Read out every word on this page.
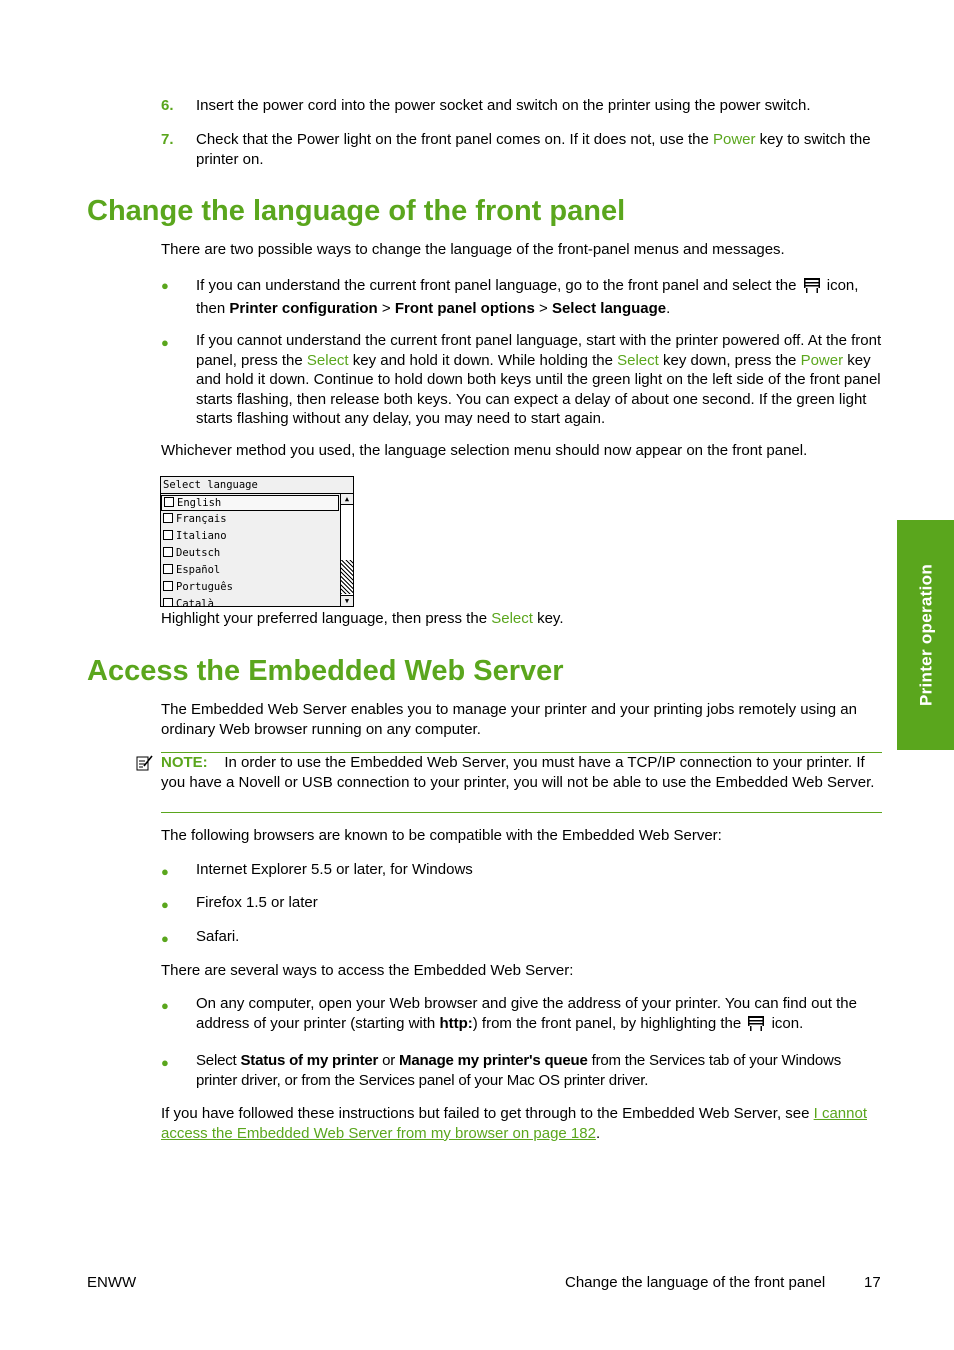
6. Insert the power cord into the power socket and switch on the printer using the power switch.
7. Check that the Power light on the front panel comes on. If it does not, use the Power key to switch the printer on.
Change the language of the front panel
There are two possible ways to change the language of the front-panel menus and messages.
● If you can understand the current front panel language, go to the front panel and select the  icon,
then Printer configuration > Front panel options > Select language.
● If you cannot understand the current front panel language, start with the printer powered off. At the front panel, press the Select key and hold it down. While holding the Select key down, press the Power key and hold it down. Continue to hold down both keys until the green light on the left side of the front panel starts flashing, then release both keys. You can expect a delay of about one second. If the green light starts flashing without any delay, you may need to start again.
Whichever method you used, the language selection menu should now appear on the front panel.
Select language
English
Français
Italiano
Deutsch
Español
Português
Català
▲
▼
Highlight your preferred language, then press the Select key.
Access the Embedded Web Server
The Embedded Web Server enables you to manage your printer and your printing jobs remotely using an ordinary Web browser running on any computer.
NOTE: In order to use the Embedded Web Server, you must have a TCP/IP connection to your printer. If you have a Novell or USB connection to your printer, you will not be able to use the Embedded Web Server.
The following browsers are known to be compatible with the Embedded Web Server:
● Internet Explorer 5.5 or later, for Windows
● Firefox 1.5 or later
● Safari.
There are several ways to access the Embedded Web Server:
● On any computer, open your Web browser and give the address of your printer. You can find out the address of your printer (starting with http:) from the front panel, by highlighting the  icon.
● Select Status of my printer or Manage my printer's queue from the Services tab of your Windows printer driver, or from the Services panel of your Mac OS printer driver.
If you have followed these instructions but failed to get through to the Embedded Web Server, see I cannot access the Embedded Web Server from my browser on page 182.
Printer operation
ENWW	Change the language of the front panel	17
